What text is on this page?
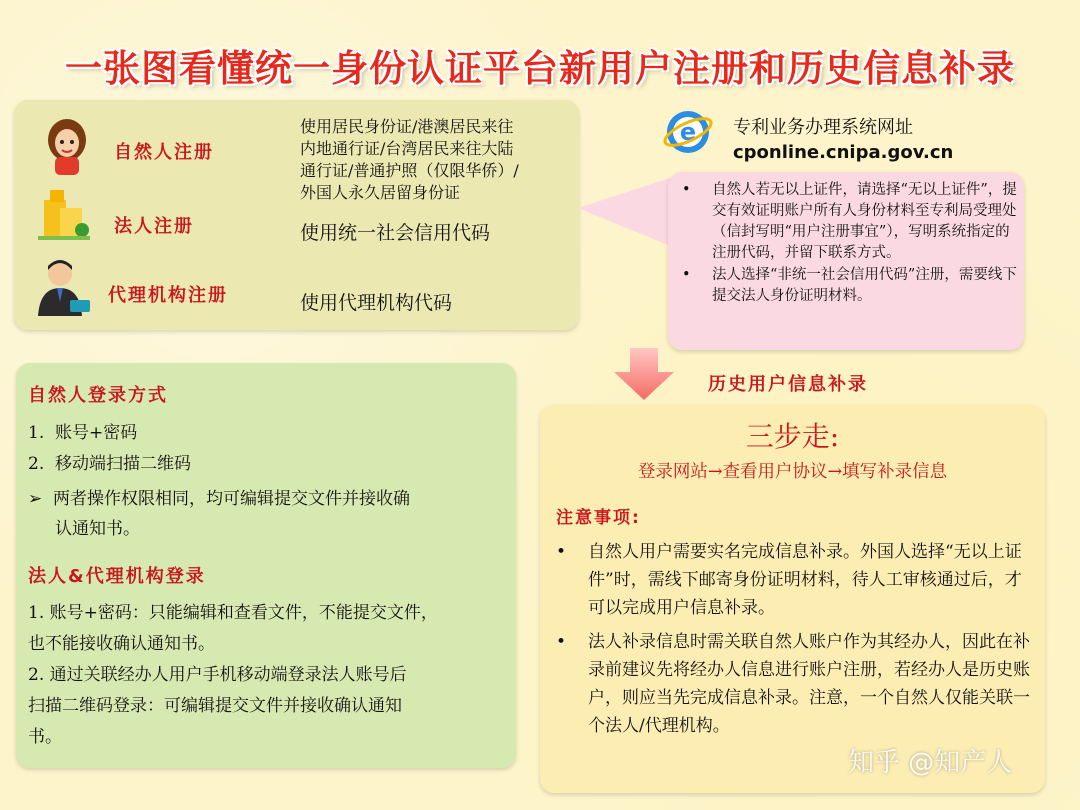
一张图看懂统一身份认证平台新用户注册和历史信息补录
自然人注册
使用居民身份证/港澳居民来往
内地通行证/台湾居民来往大陆
通行证/普通护照（仅限华侨）/
外国人永久居留身份证
法人注册	使用统一社会信用代码
代理机构注册	使用代理机构代码
e 专利业务办理系统网址
cponline.cnipa.gov.cn
• 自然人若无以上证件，请选择“无以上证件”，提交有效证明账户所有人身份材料至专利局受理处（信封写明“用户注册事宜”），写明系统指定的注册代码，并留下联系方式。
• 法人选择“非统一社会信用代码”注册，需要线下提交法人身份证明材料。
历史用户信息补录
自然人登录方式
1.  账号+密码
2.  移动端扫描二维码
➢  两者操作权限相同，均可编辑提交文件并接收确
认通知书。
法人&代理机构登录
1. 账号+密码：只能编辑和查看文件，不能提交文件，
也不能接收确认通知书。
2. 通过关联经办人用户手机移动端登录法人账号后
扫描二维码登录：可编辑提交文件并接收确认通知
书。
三步走:
登录网站→查看用户协议→填写补录信息
注意事项:
• 自然人用户需要实名完成信息补录。外国人选择“无以上证件”时，需线下邮寄身份证明材料，待人工审核通过后，才可以完成用户信息补录。
• 法人补录信息时需关联自然人账户作为其经办人，因此在补录前建议先将经办人信息进行账户注册，若经办人是历史账户，则应当先完成信息补录。注意，一个自然人仅能关联一个法人/代理机构。
知乎 @知产人
